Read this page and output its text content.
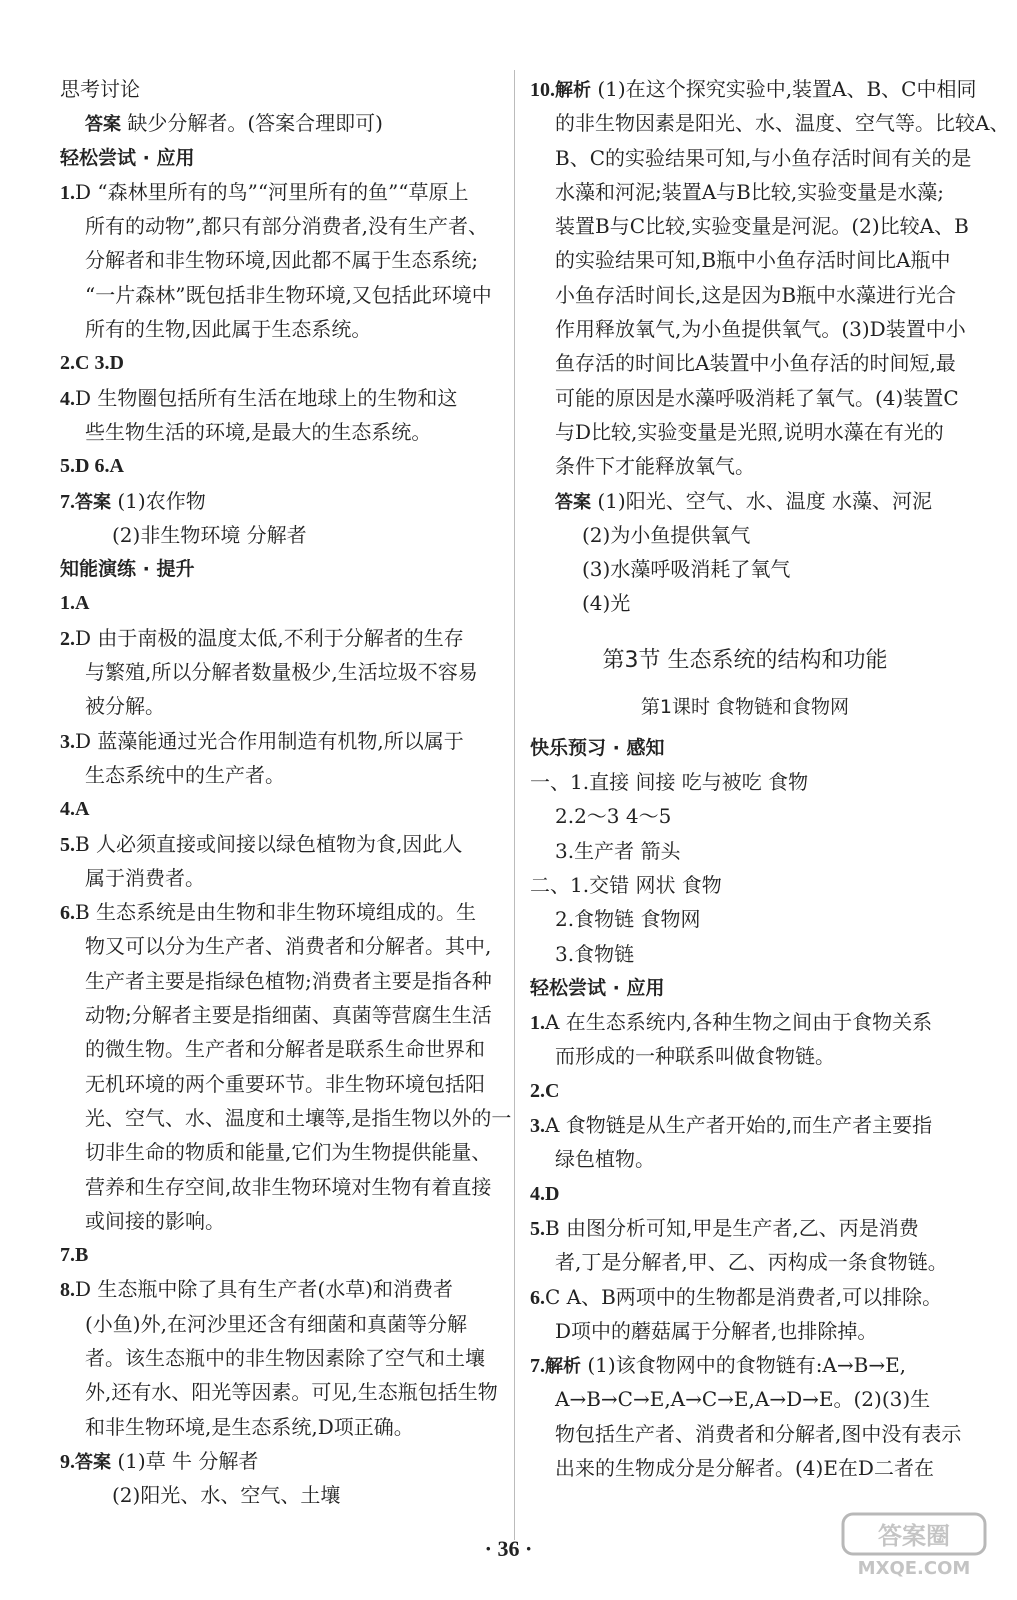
思考讨论
答案 缺少分解者。(答案合理即可)
轻松尝试 · 应用
1.D “森林里所有的鸟”“河里所有的鱼”“草原上
所有的动物”,都只有部分消费者,没有生产者、
分解者和非生物环境,因此都不属于生态系统;
“一片森林”既包括非生物环境,又包括此环境中
所有的生物,因此属于生态系统。
2.C 3.D
4.D 生物圈包括所有生活在地球上的生物和这
些生物生活的环境,是最大的生态系统。
5.D 6.A
7.答案 (1)农作物
(2)非生物环境 分解者
知能演练 · 提升
1.A
2.D 由于南极的温度太低,不利于分解者的生存
与繁殖,所以分解者数量极少,生活垃圾不容易
被分解。
3.D 蓝藻能通过光合作用制造有机物,所以属于
生态系统中的生产者。
4.A
5.B 人必须直接或间接以绿色植物为食,因此人
属于消费者。
6.B 生态系统是由生物和非生物环境组成的。生
物又可以分为生产者、消费者和分解者。其中,
生产者主要是指绿色植物;消费者主要是指各种
动物;分解者主要是指细菌、真菌等营腐生生活
的微生物。生产者和分解者是联系生命世界和
无机环境的两个重要环节。非生物环境包括阳
光、空气、水、温度和土壤等,是指生物以外的一
切非生命的物质和能量,它们为生物提供能量、
营养和生存空间,故非生物环境对生物有着直接
或间接的影响。
7.B
8.D 生态瓶中除了具有生产者(水草)和消费者
(小鱼)外,在河沙里还含有细菌和真菌等分解
者。该生态瓶中的非生物因素除了空气和土壤
外,还有水、阳光等因素。可见,生态瓶包括生物
和非生物环境,是生态系统,D项正确。
9.答案 (1)草 牛 分解者
(2)阳光、水、空气、土壤
10.解析 (1)在这个探究实验中,装置A、B、C中相同
的非生物因素是阳光、水、温度、空气等。比较A、
B、C的实验结果可知,与小鱼存活时间有关的是
水藻和河泥;装置A与B比较,实验变量是水藻;
装置B与C比较,实验变量是河泥。(2)比较A、B
的实验结果可知,B瓶中小鱼存活时间比A瓶中
小鱼存活时间长,这是因为B瓶中水藻进行光合
作用释放氧气,为小鱼提供氧气。(3)D装置中小
鱼存活的时间比A装置中小鱼存活的时间短,最
可能的原因是水藻呼吸消耗了氧气。(4)装置C
与D比较,实验变量是光照,说明水藻在有光的
条件下才能释放氧气。
答案 (1)阳光、空气、水、温度 水藻、河泥
(2)为小鱼提供氧气
(3)水藻呼吸消耗了氧气
(4)光
第3节 生态系统的结构和功能
第1课时 食物链和食物网
快乐预习 · 感知
一、1.直接 间接 吃与被吃 食物
2.2～3 4～5
3.生产者 箭头
二、1.交错 网状 食物
2.食物链 食物网
3.食物链
轻松尝试 · 应用
1.A 在生态系统内,各种生物之间由于食物关系
而形成的一种联系叫做食物链。
2.C
3.A 食物链是从生产者开始的,而生产者主要指
绿色植物。
4.D
5.B 由图分析可知,甲是生产者,乙、丙是消费
者,丁是分解者,甲、乙、丙构成一条食物链。
6.C A、B两项中的生物都是消费者,可以排除。
D项中的蘑菇属于分解者,也排除掉。
7.解析 (1)该食物网中的食物链有:A→B→E,
A→B→C→E,A→C→E,A→D→E。(2)(3)生
物包括生产者、消费者和分解者,图中没有表示
出来的生物成分是分解者。(4)E在D二者在
· 36 ·	答案圈
MXQE.COM
